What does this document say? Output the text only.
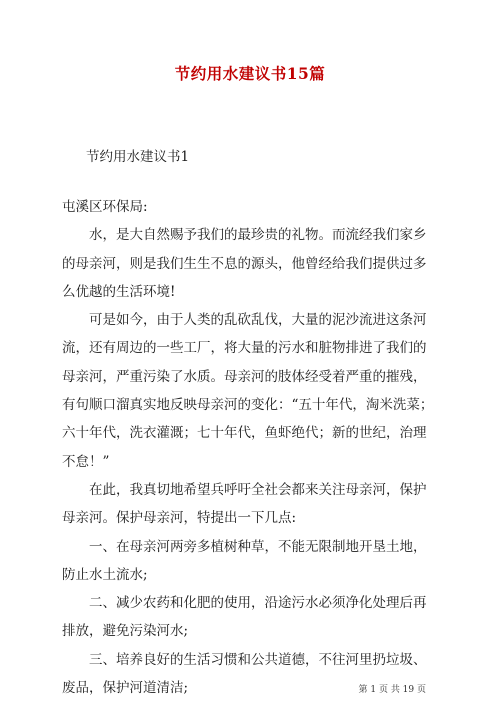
节约用水建议书15篇
节约用水建议书1

屯溪区环保局:

水，是大自然赐予我们的最珍贵的礼物。而流经我们家乡的母亲河，则是我们生生不息的源头，他曾经给我们提供过多么优越的生活环境!

可是如今，由于人类的乱砍乱伐，大量的泥沙流进这条河流，还有周边的一些工厂，将大量的污水和脏物排进了我们的母亲河，严重污染了水质。母亲河的肢体经受着严重的摧残，有句顺口溜真实地反映母亲河的变化：“五十年代，淘米洗菜；六十年代，洗衣灌溉；七十年代，鱼虾绝代；新的世纪，治理不怠！”

在此，我真切地希望兵呼吁全社会都来关注母亲河，保护母亲河。保护母亲河，特提出一下几点:

一、在母亲河两旁多植树种草，不能无限制地开垦土地，防止水土流水;

二、减少农药和化肥的使用，沿途污水必须净化处理后再排放，避免污染河水;

三、培养良好的生活习惯和公共道德，不往河里扔垃圾、废品，保护河道清洁;	第 1 页 共 19 页
